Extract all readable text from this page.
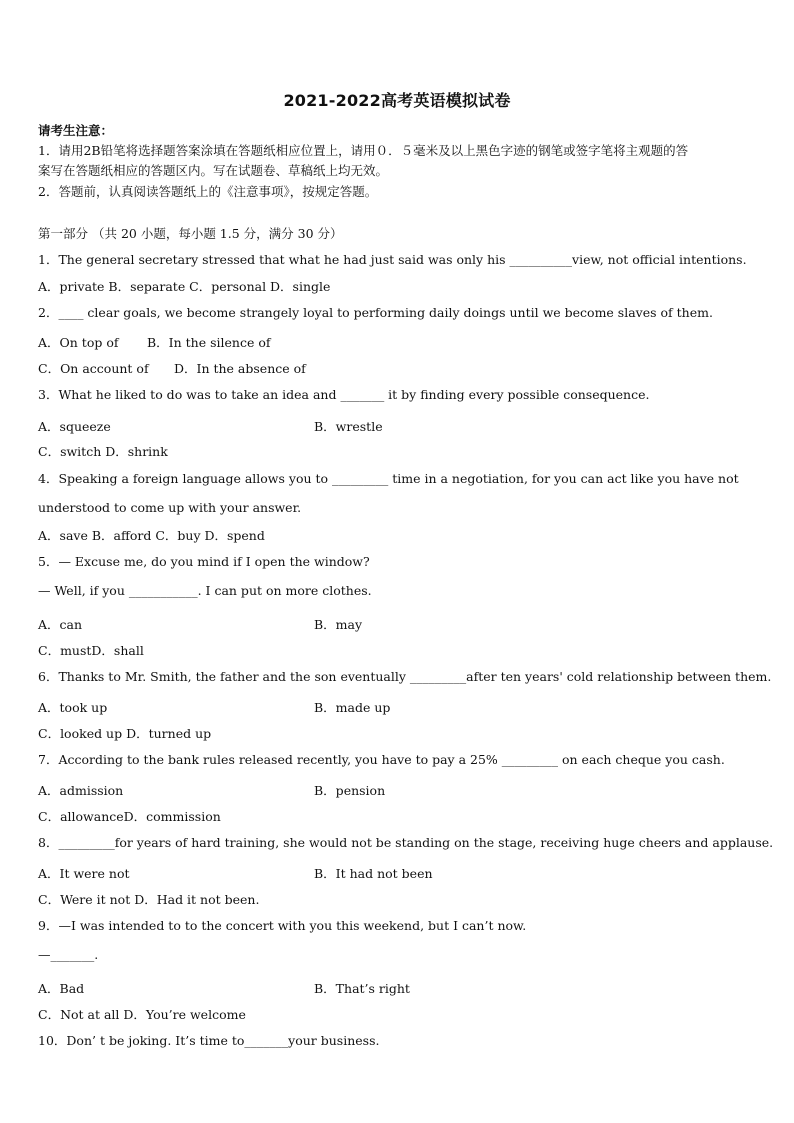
2021-2022高考英语模拟试卷
请考生注意：
1．请用2B铅笔将选择题答案涂填在答题纸相应位置上，请用０．５毫米及以上黑色字迹的钢笔或签字笔将主观题的答
案写在答题纸相应的答题区内。写在试题卷、草稿纸上均无效。
2．答题前，认真阅读答题纸上的《注意事项》，按规定答题。
第一部分 （共 20 小题，每小题 1.5 分，满分 30 分）
1．The general secretary stressed that what he had just said was only his __________view, not official intentions.
A．private B．separate C．personal D．single
2．____ clear goals, we become strangely loyal to performing daily doings until we become slaves of them.
A．On top of B．In the silence of
C．On account of D．In the absence of
3．What he liked to do was to take an idea and _______ it by finding every possible consequence.
A．squeeze	B．wrestle
C．switch D．shrink
4．Speaking a foreign language allows you to _________ time in a negotiation, for you can act like you have not
understood to come up with your answer.
A．save B．afford C．buy D．spend
5．— Excuse me, do you mind if I open the window?
— Well, if you ___________. I can put on more clothes.
A．can	B．may
C．mustD．shall
6．Thanks to Mr. Smith, the father and the son eventually _________after ten years' cold relationship between them.
A．took up	B．made up
C．looked up D．turned up
7．According to the bank rules released recently, you have to pay a 25% _________ on each cheque you cash.
A．admission	B．pension
C．allowanceD．commission
8．_________for years of hard training, she would not be standing on the stage, receiving huge cheers and applause.
A．It were not	B．It had not been
C．Were it not D．Had it not been.
9．—I was intended to to the concert with you this weekend, but I can’t now.
—_______.
A．Bad	B．That’s right
C．Not at all D．You’re welcome
10．Don’ t be joking. It’s time to_______your business.
